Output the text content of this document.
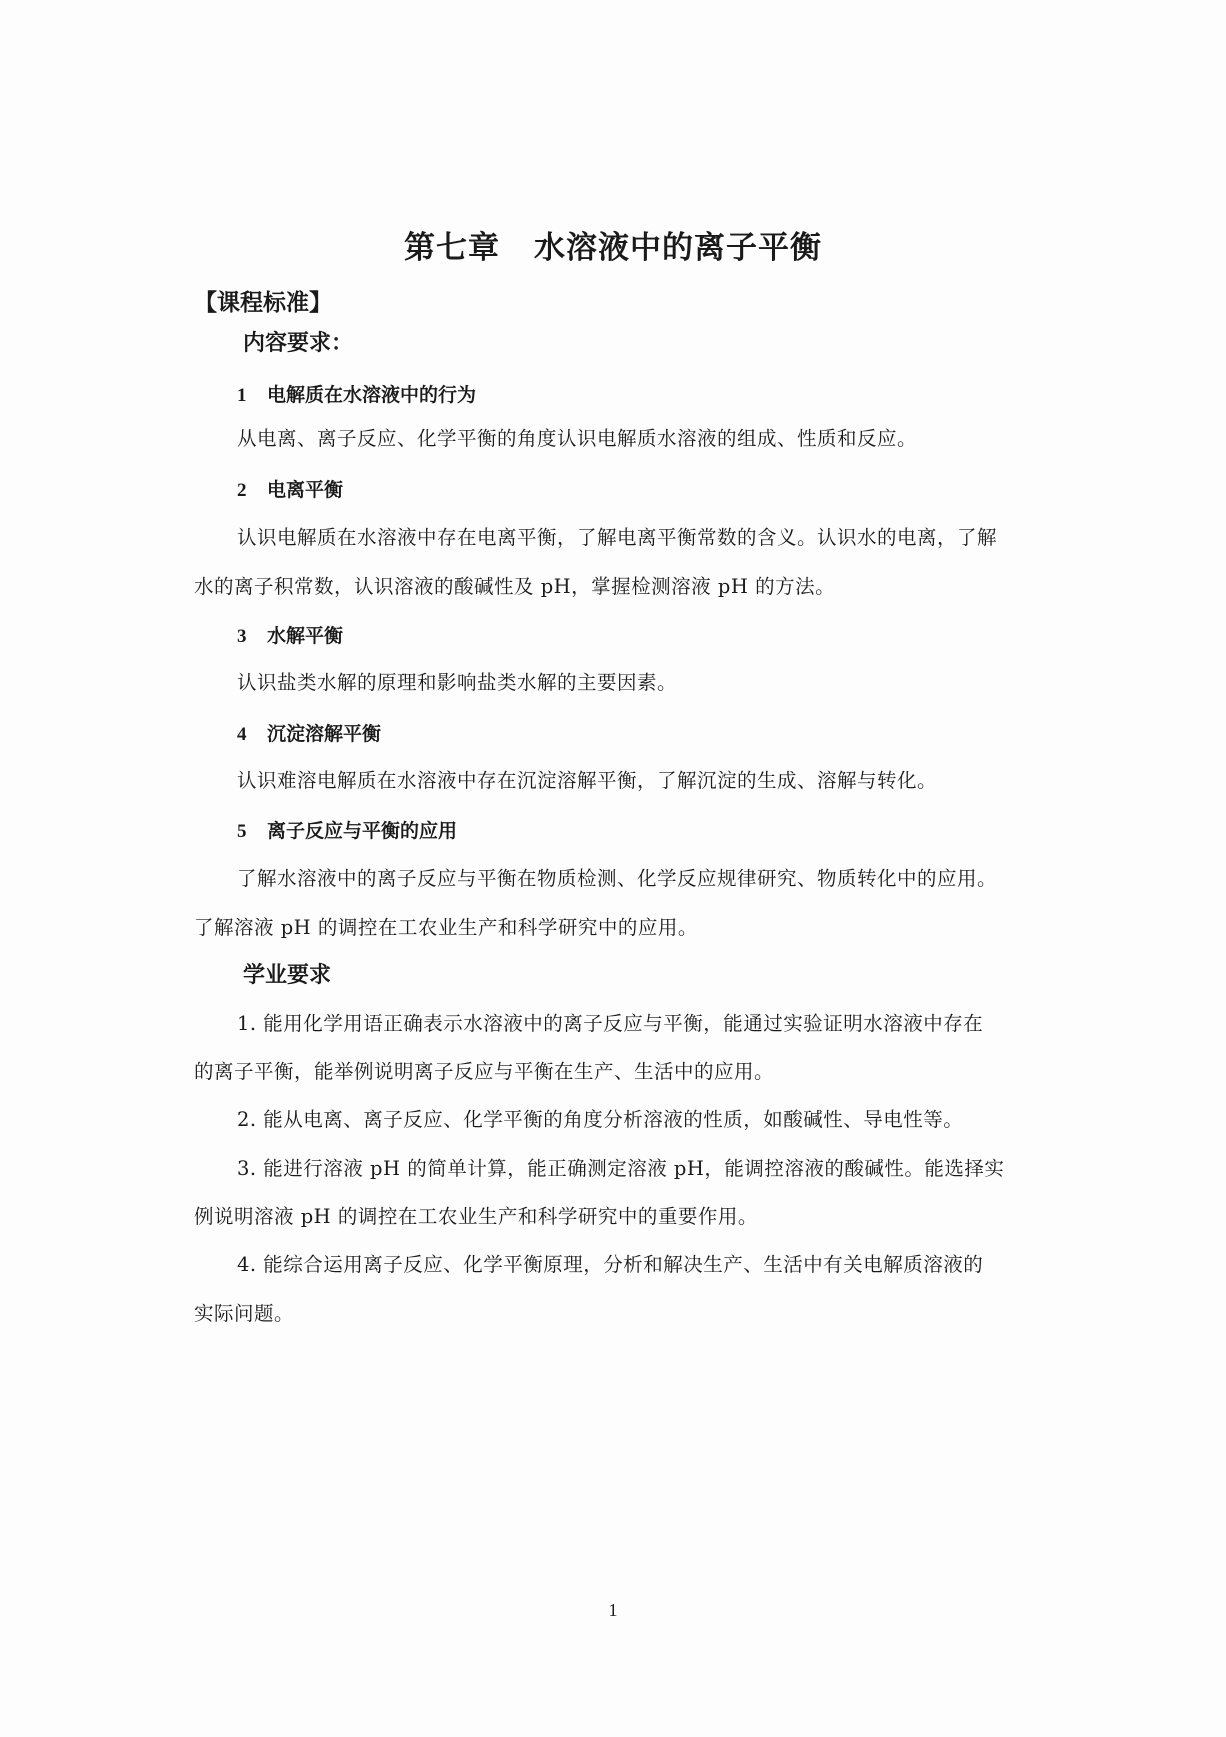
第七章 水溶液中的离子平衡
【课程标准】
内容要求：
1 电解质在水溶液中的行为
从电离、离子反应、化学平衡的角度认识电解质水溶液的组成、性质和反应。
2 电离平衡
认识电解质在水溶液中存在电离平衡，了解电离平衡常数的含义。认识水的电离，了解
水的离子积常数，认识溶液的酸碱性及 pH，掌握检测溶液 pH 的方法。
3 水解平衡
认识盐类水解的原理和影响盐类水解的主要因素。
4 沉淀溶解平衡
认识难溶电解质在水溶液中存在沉淀溶解平衡，了解沉淀的生成、溶解与转化。
5 离子反应与平衡的应用
了解水溶液中的离子反应与平衡在物质检测、化学反应规律研究、物质转化中的应用。
了解溶液 pH 的调控在工农业生产和科学研究中的应用。
学业要求
1. 能用化学用语正确表示水溶液中的离子反应与平衡，能通过实验证明水溶液中存在
的离子平衡，能举例说明离子反应与平衡在生产、生活中的应用。
2. 能从电离、离子反应、化学平衡的角度分析溶液的性质，如酸碱性、导电性等。
3. 能进行溶液 pH 的简单计算，能正确测定溶液 pH，能调控溶液的酸碱性。能选择实
例说明溶液 pH 的调控在工农业生产和科学研究中的重要作用。
4. 能综合运用离子反应、化学平衡原理，分析和解决生产、生活中有关电解质溶液的
实际问题。
1
